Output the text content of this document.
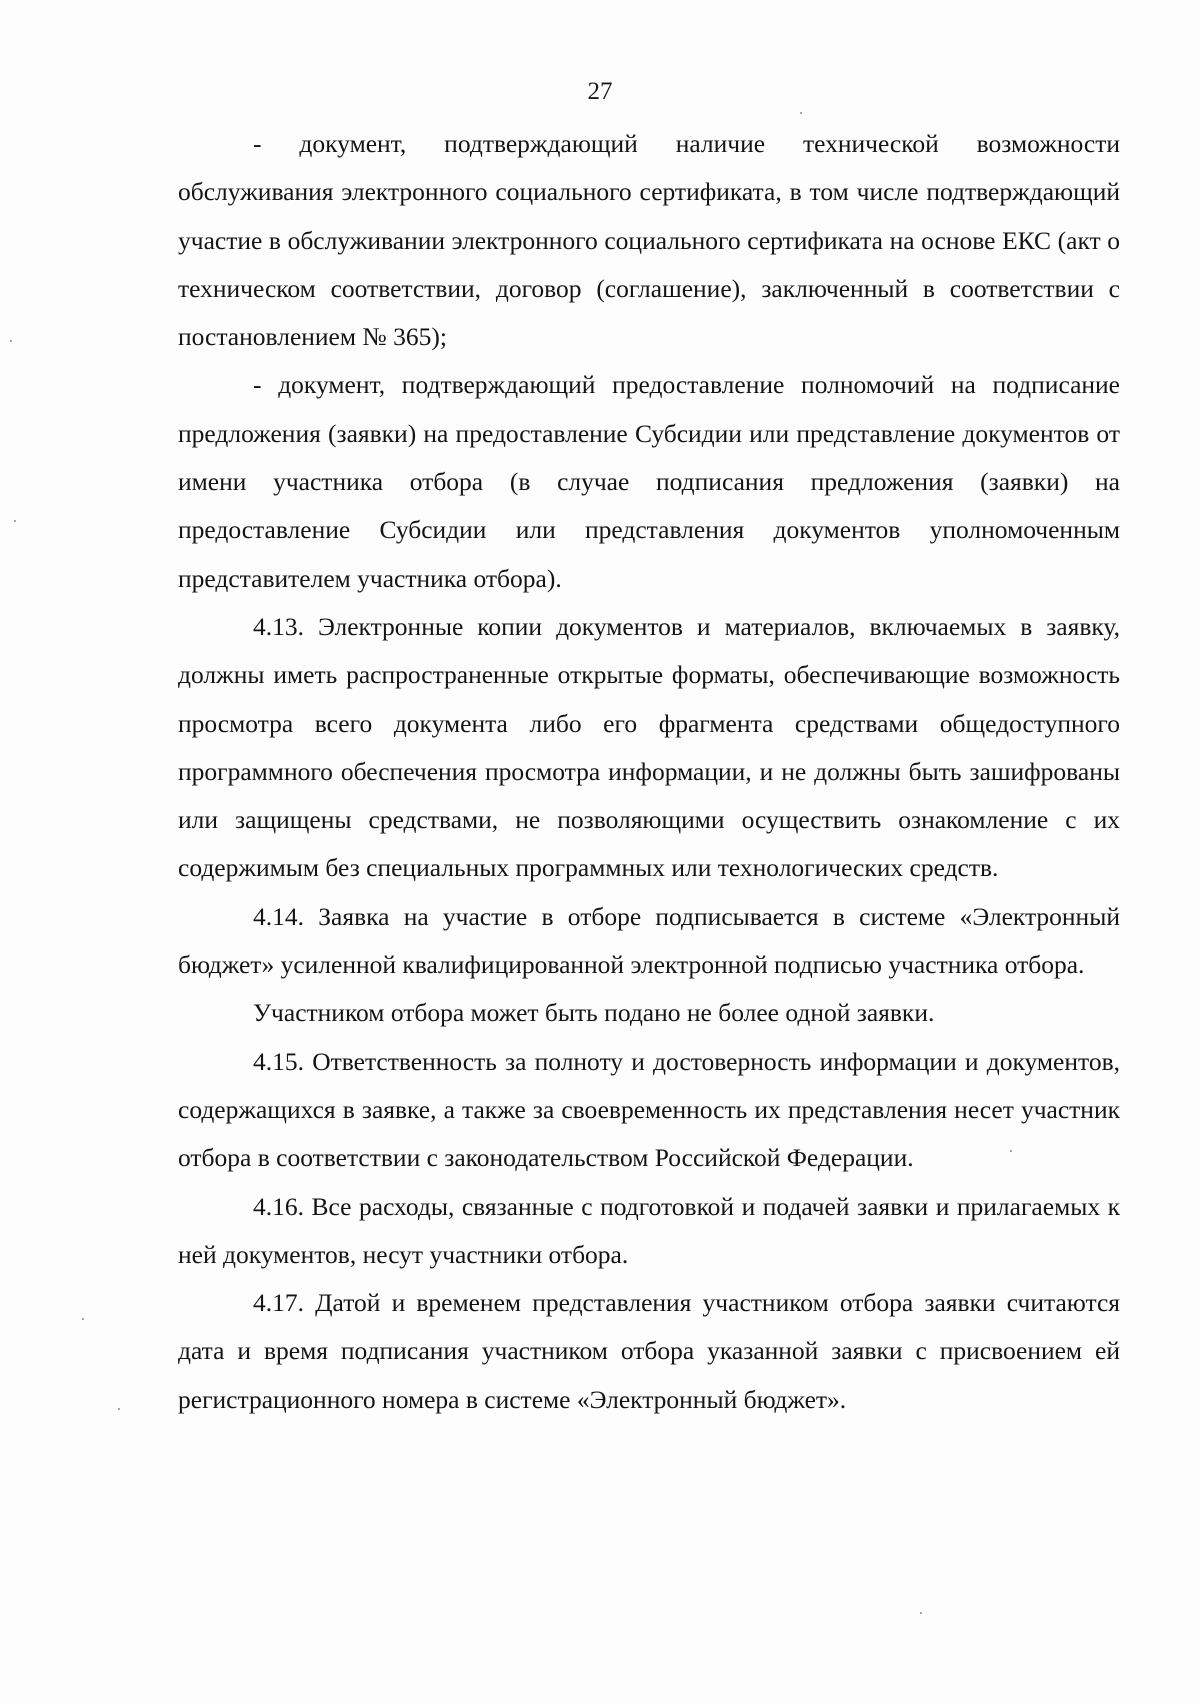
27

- документ, подтверждающий наличие технической возможности обслуживания электронного социального сертификата, в том числе подтверждающий участие в обслуживании электронного социального сертификата на основе ЕКС (акт о техническом соответствии, договор (соглашение), заключенный в соответствии с постановлением № 365);

- документ, подтверждающий предоставление полномочий на подписание предложения (заявки) на предоставление Субсидии или представление документов от имени участника отбора (в случае подписания предложения (заявки) на предоставление Субсидии или представления документов уполномоченным представителем участника отбора).

4.13. Электронные копии документов и материалов, включаемых в заявку, должны иметь распространенные открытые форматы, обеспечивающие возможность просмотра всего документа либо его фрагмента средствами общедоступного программного обеспечения просмотра информации, и не должны быть зашифрованы или защищены средствами, не позволяющими осуществить ознакомление с их содержимым без специальных программных или технологических средств.

4.14. Заявка на участие в отборе подписывается в системе «Электронный бюджет» усиленной квалифицированной электронной подписью участника отбора.

Участником отбора может быть подано не более одной заявки.

4.15. Ответственность за полноту и достоверность информации и документов, содержащихся в заявке, а также за своевременность их представления несет участник отбора в соответствии с законодательством Российской Федерации.

4.16. Все расходы, связанные с подготовкой и подачей заявки и прилагаемых к ней документов, несут участники отбора.

4.17. Датой и временем представления участником отбора заявки считаются дата и время подписания участником отбора указанной заявки с присвоением ей регистрационного номера в системе «Электронный бюджет».
